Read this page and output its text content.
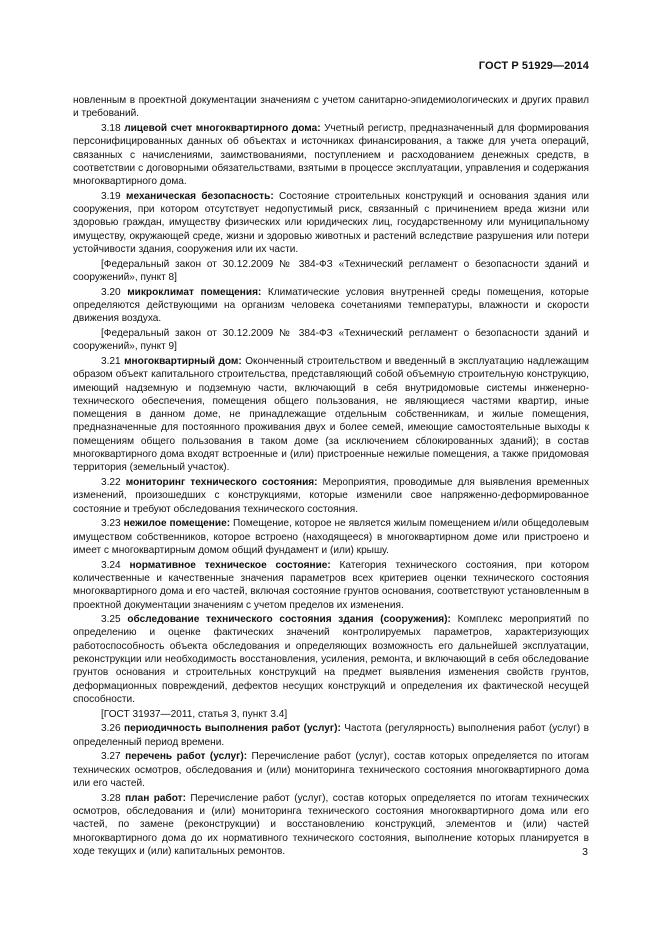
ГОСТ Р 51929—2014

новленным в проектной документации значениям с учетом санитарно-эпидемиологических и других правил и требований.

3.18 лицевой счет многоквартирного дома: Учетный регистр, предназначенный для формирования персонифицированных данных об объектах и источниках финансирования, а также для учета операций, связанных с начислениями, заимствованиями, поступлением и расходованием денежных средств, в соответствии с договорными обязательствами, взятыми в процессе эксплуатации, управления и содержания многоквартирного дома.

3.19 механическая безопасность: Состояние строительных конструкций и основания здания или сооружения, при котором отсутствует недопустимый риск, связанный с причинением вреда жизни или здоровью граждан, имуществу физических или юридических лиц, государственному или муниципальному имуществу, окружающей среде, жизни и здоровью животных и растений вследствие разрушения или потери устойчивости здания, сооружения или их части.

[Федеральный закон от 30.12.2009 № 384-ФЗ «Технический регламент о безопасности зданий и сооружений», пункт 8]

3.20 микроклимат помещения: Климатические условия внутренней среды помещения, которые определяются действующими на организм человека сочетаниями температуры, влажности и скорости движения воздуха.

[Федеральный закон от 30.12.2009 № 384-ФЗ «Технический регламент о безопасности зданий и сооружений», пункт 9]

3.21 многоквартирный дом: Оконченный строительством и введенный в эксплуатацию надлежащим образом объект капитального строительства, представляющий собой объемную строительную конструкцию, имеющий надземную и подземную части, включающий в себя внутридомовые системы инженерно-технического обеспечения, помещения общего пользования, не являющиеся частями квартир, иные помещения в данном доме, не принадлежащие отдельным собственникам, и жилые помещения, предназначенные для постоянного проживания двух и более семей, имеющие самостоятельные выходы к помещениям общего пользования в таком доме (за исключением сблокированных зданий); в состав многоквартирного дома входят встроенные и (или) пристроенные нежилые помещения, а также придомовая территория (земельный участок).

3.22 мониторинг технического состояния: Мероприятия, проводимые для выявления временных изменений, произошедших с конструкциями, которые изменили свое напряженно-деформированное состояние и требуют обследования технического состояния.

3.23 нежилое помещение: Помещение, которое не является жилым помещением и/или общедолевым имуществом собственников, которое встроено (находящееся) в многоквартирном доме или пристроено и имеет с многоквартирным домом общий фундамент и (или) крышу.

3.24 нормативное техническое состояние: Категория технического состояния, при котором количественные и качественные значения параметров всех критериев оценки технического состояния многоквартирного дома и его частей, включая состояние грунтов основания, соответствуют установленным в проектной документации значениям с учетом пределов их изменения.

3.25 обследование технического состояния здания (сооружения): Комплекс мероприятий по определению и оценке фактических значений контролируемых параметров, характеризующих работоспособность объекта обследования и определяющих возможность его дальнейшей эксплуатации, реконструкции или необходимость восстановления, усиления, ремонта, и включающий в себя обследование грунтов основания и строительных конструкций на предмет выявления изменения свойств грунтов, деформационных повреждений, дефектов несущих конструкций и определения их фактической несущей способности.

[ГОСТ 31937—2011, статья 3, пункт 3.4]

3.26 периодичность выполнения работ (услуг): Частота (регулярность) выполнения работ (услуг) в определенный период времени.

3.27 перечень работ (услуг): Перечисление работ (услуг), состав которых определяется по итогам технических осмотров, обследования и (или) мониторинга технического состояния многоквартирного дома или его частей.

3.28 план работ: Перечисление работ (услуг), состав которых определяется по итогам технических осмотров, обследования и (или) мониторинга технического состояния многоквартирного дома или его частей, по замене (реконструкции) и восстановлению конструкций, элементов и (или) частей многоквартирного дома до их нормативного технического состояния, выполнение которых планируется в ходе текущих и (или) капитальных ремонтов.	3
